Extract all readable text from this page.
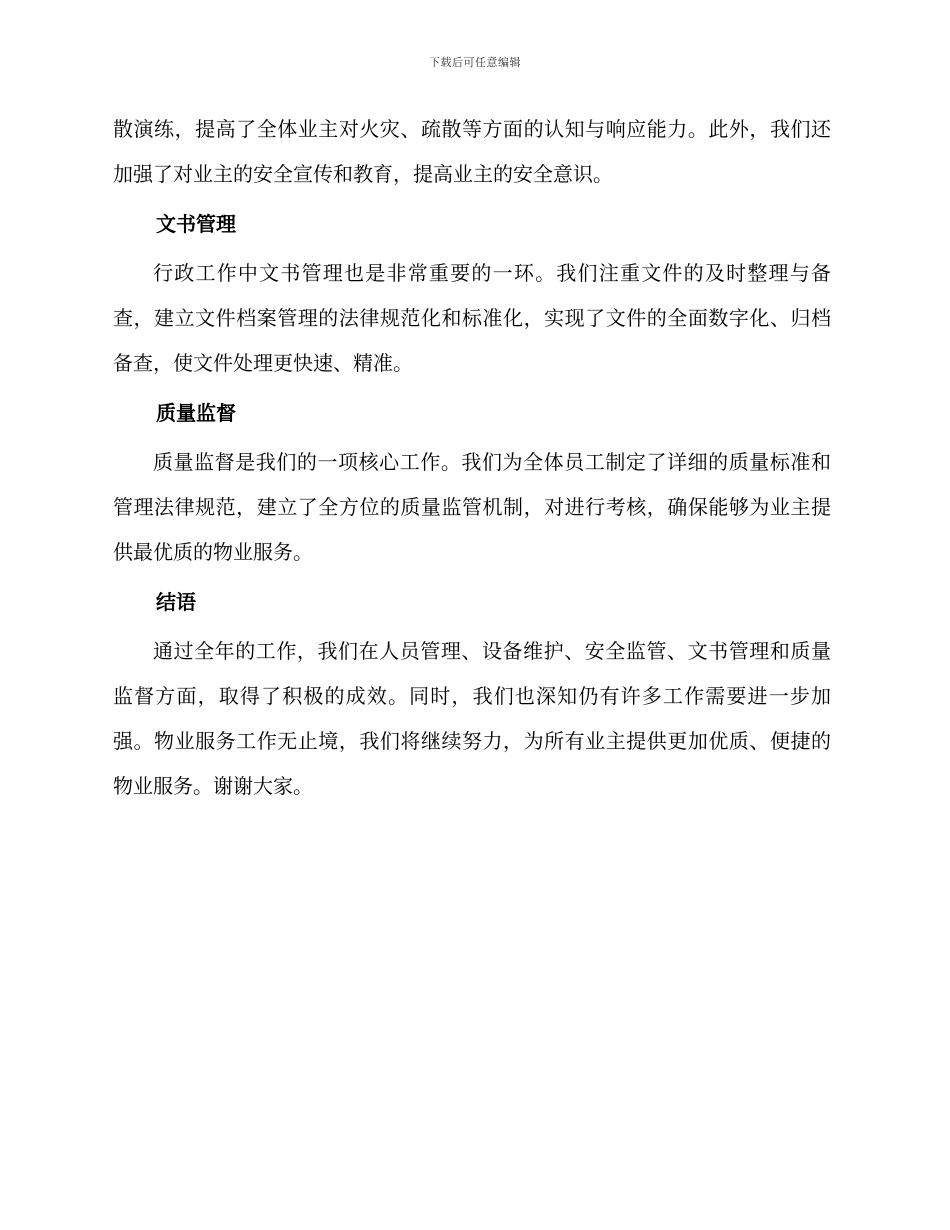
下载后可任意编辑

散演练，提高了全体业主对火灾、疏散等方面的认知与响应能力。此外，我们还加强了对业主的安全宣传和教育，提高业主的安全意识。

文书管理

行政工作中文书管理也是非常重要的一环。我们注重文件的及时整理与备查，建立文件档案管理的法律规范化和标准化，实现了文件的全面数字化、归档备查，使文件处理更快速、精准。

质量监督

质量监督是我们的一项核心工作。我们为全体员工制定了详细的质量标准和管理法律规范，建立了全方位的质量监管机制，对进行考核，确保能够为业主提供最优质的物业服务。

结语

通过全年的工作，我们在人员管理、设备维护、安全监管、文书管理和质量监督方面，取得了积极的成效。同时，我们也深知仍有许多工作需要进一步加强。物业服务工作无止境，我们将继续努力，为所有业主提供更加优质、便捷的物业服务。谢谢大家。
